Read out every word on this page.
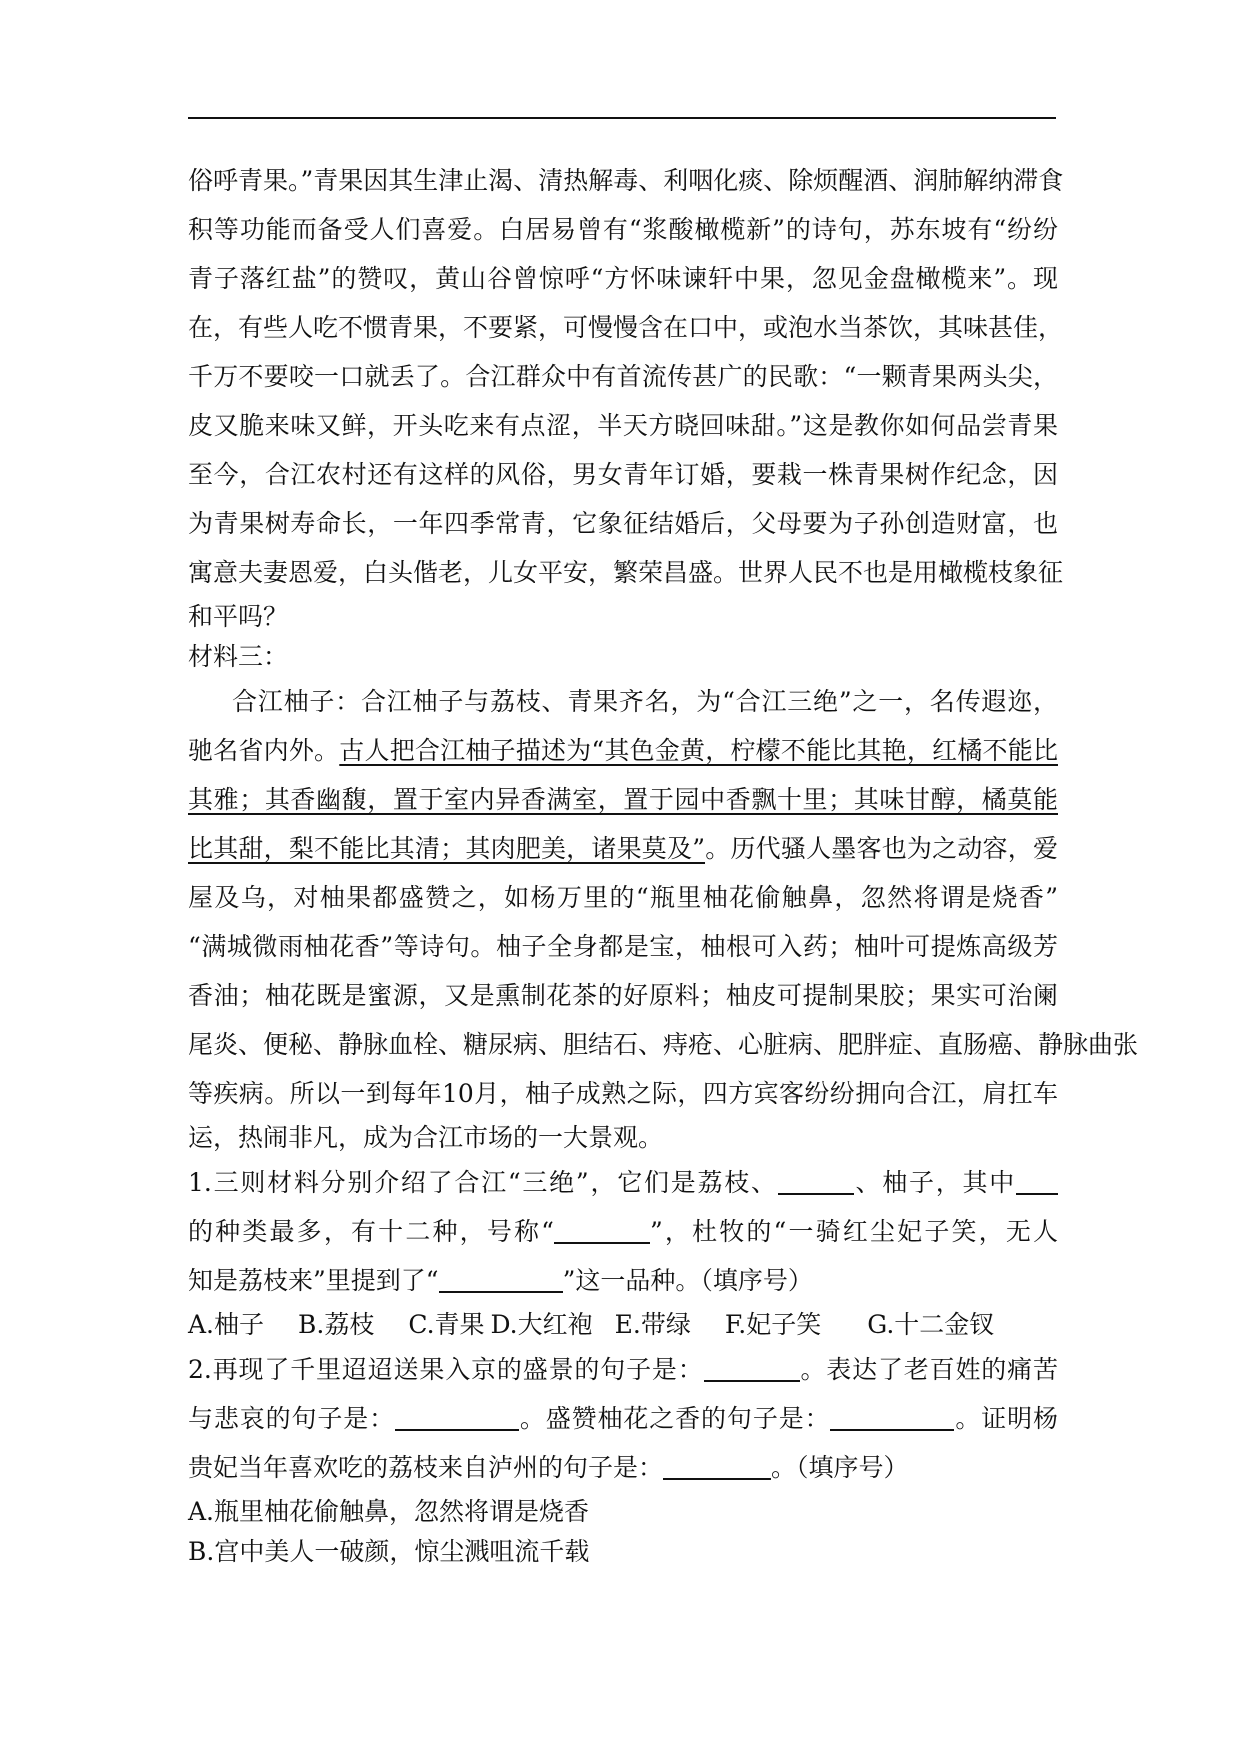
俗呼青果。”青果因其生津止渴、清热解毒、利咽化痰、除烦醒酒、润肺解纳滞食
积等功能而备受人们喜爱。白居易曾有“浆酸橄榄新”的诗句，苏东坡有“纷纷
青子落红盐”的赞叹，黄山谷曾惊呼“方怀味谏轩中果，忽见金盘橄榄来”。现
在，有些人吃不惯青果，不要紧，可慢慢含在口中，或泡水当茶饮，其味甚佳，
千万不要咬一口就丢了。合江群众中有首流传甚广的民歌：“一颗青果两头尖，
皮又脆来味又鲜，开头吃来有点涩，半天方晓回味甜。”这是教你如何品尝青果
至今，合江农村还有这样的风俗，男女青年订婚，要栽一株青果树作纪念，因
为青果树寿命长，一年四季常青，它象征结婚后，父母要为子孙创造财富，也
寓意夫妻恩爱，白头偕老，儿女平安，繁荣昌盛。世界人民不也是用橄榄枝象征
和平吗？
材料三：
合江柚子：合江柚子与荔枝、青果齐名，为“合江三绝”之一，名传遐迩，
驰名省内外。古人把合江柚子描述为“其色金黄，柠檬不能比其艳，红橘不能比
其雅；其香幽馥，置于室内异香满室，置于园中香飘十里；其味甘醇，橘莫能
比其甜，梨不能比其清；其肉肥美，诸果莫及”。历代骚人墨客也为之动容，爱
屋及乌，对柚果都盛赞之，如杨万里的“瓶里柚花偷触鼻，忽然将谓是烧香”
“满城微雨柚花香”等诗句。柚子全身都是宝，柚根可入药；柚叶可提炼高级芳
香油；柚花既是蜜源，又是熏制花茶的好原料；柚皮可提制果胶；果实可治阑
尾炎、便秘、静脉血栓、糖尿病、胆结石、痔疮、心脏病、肥胖症、直肠癌、静脉曲张
等疾病。所以一到每年10月，柚子成熟之际，四方宾客纷纷拥向合江，肩扛车
运，热闹非凡，成为合江市场的一大景观。
1.三则材料分别介绍了合江“三绝”，它们是荔枝、	、柚子，其中
的种类最多，有十二种，号称“	”，杜牧的“一骑红尘妃子笑，无人
知是荔枝来”里提到了“	”这一品种。（填序号）
A.柚子 B.荔枝 C.青果 D.大红袍 E.带绿 F.妃子笑 G.十二金钗
2.再现了千里迢迢送果入京的盛景的句子是：	。表达了老百姓的痛苦
与悲哀的句子是：	。盛赞柚花之香的句子是：	。证明杨
贵妃当年喜欢吃的荔枝来自泸州的句子是：	。（填序号）
A.瓶里柚花偷触鼻，忽然将谓是烧香
B.宫中美人一破颜，惊尘溅咀流千载
